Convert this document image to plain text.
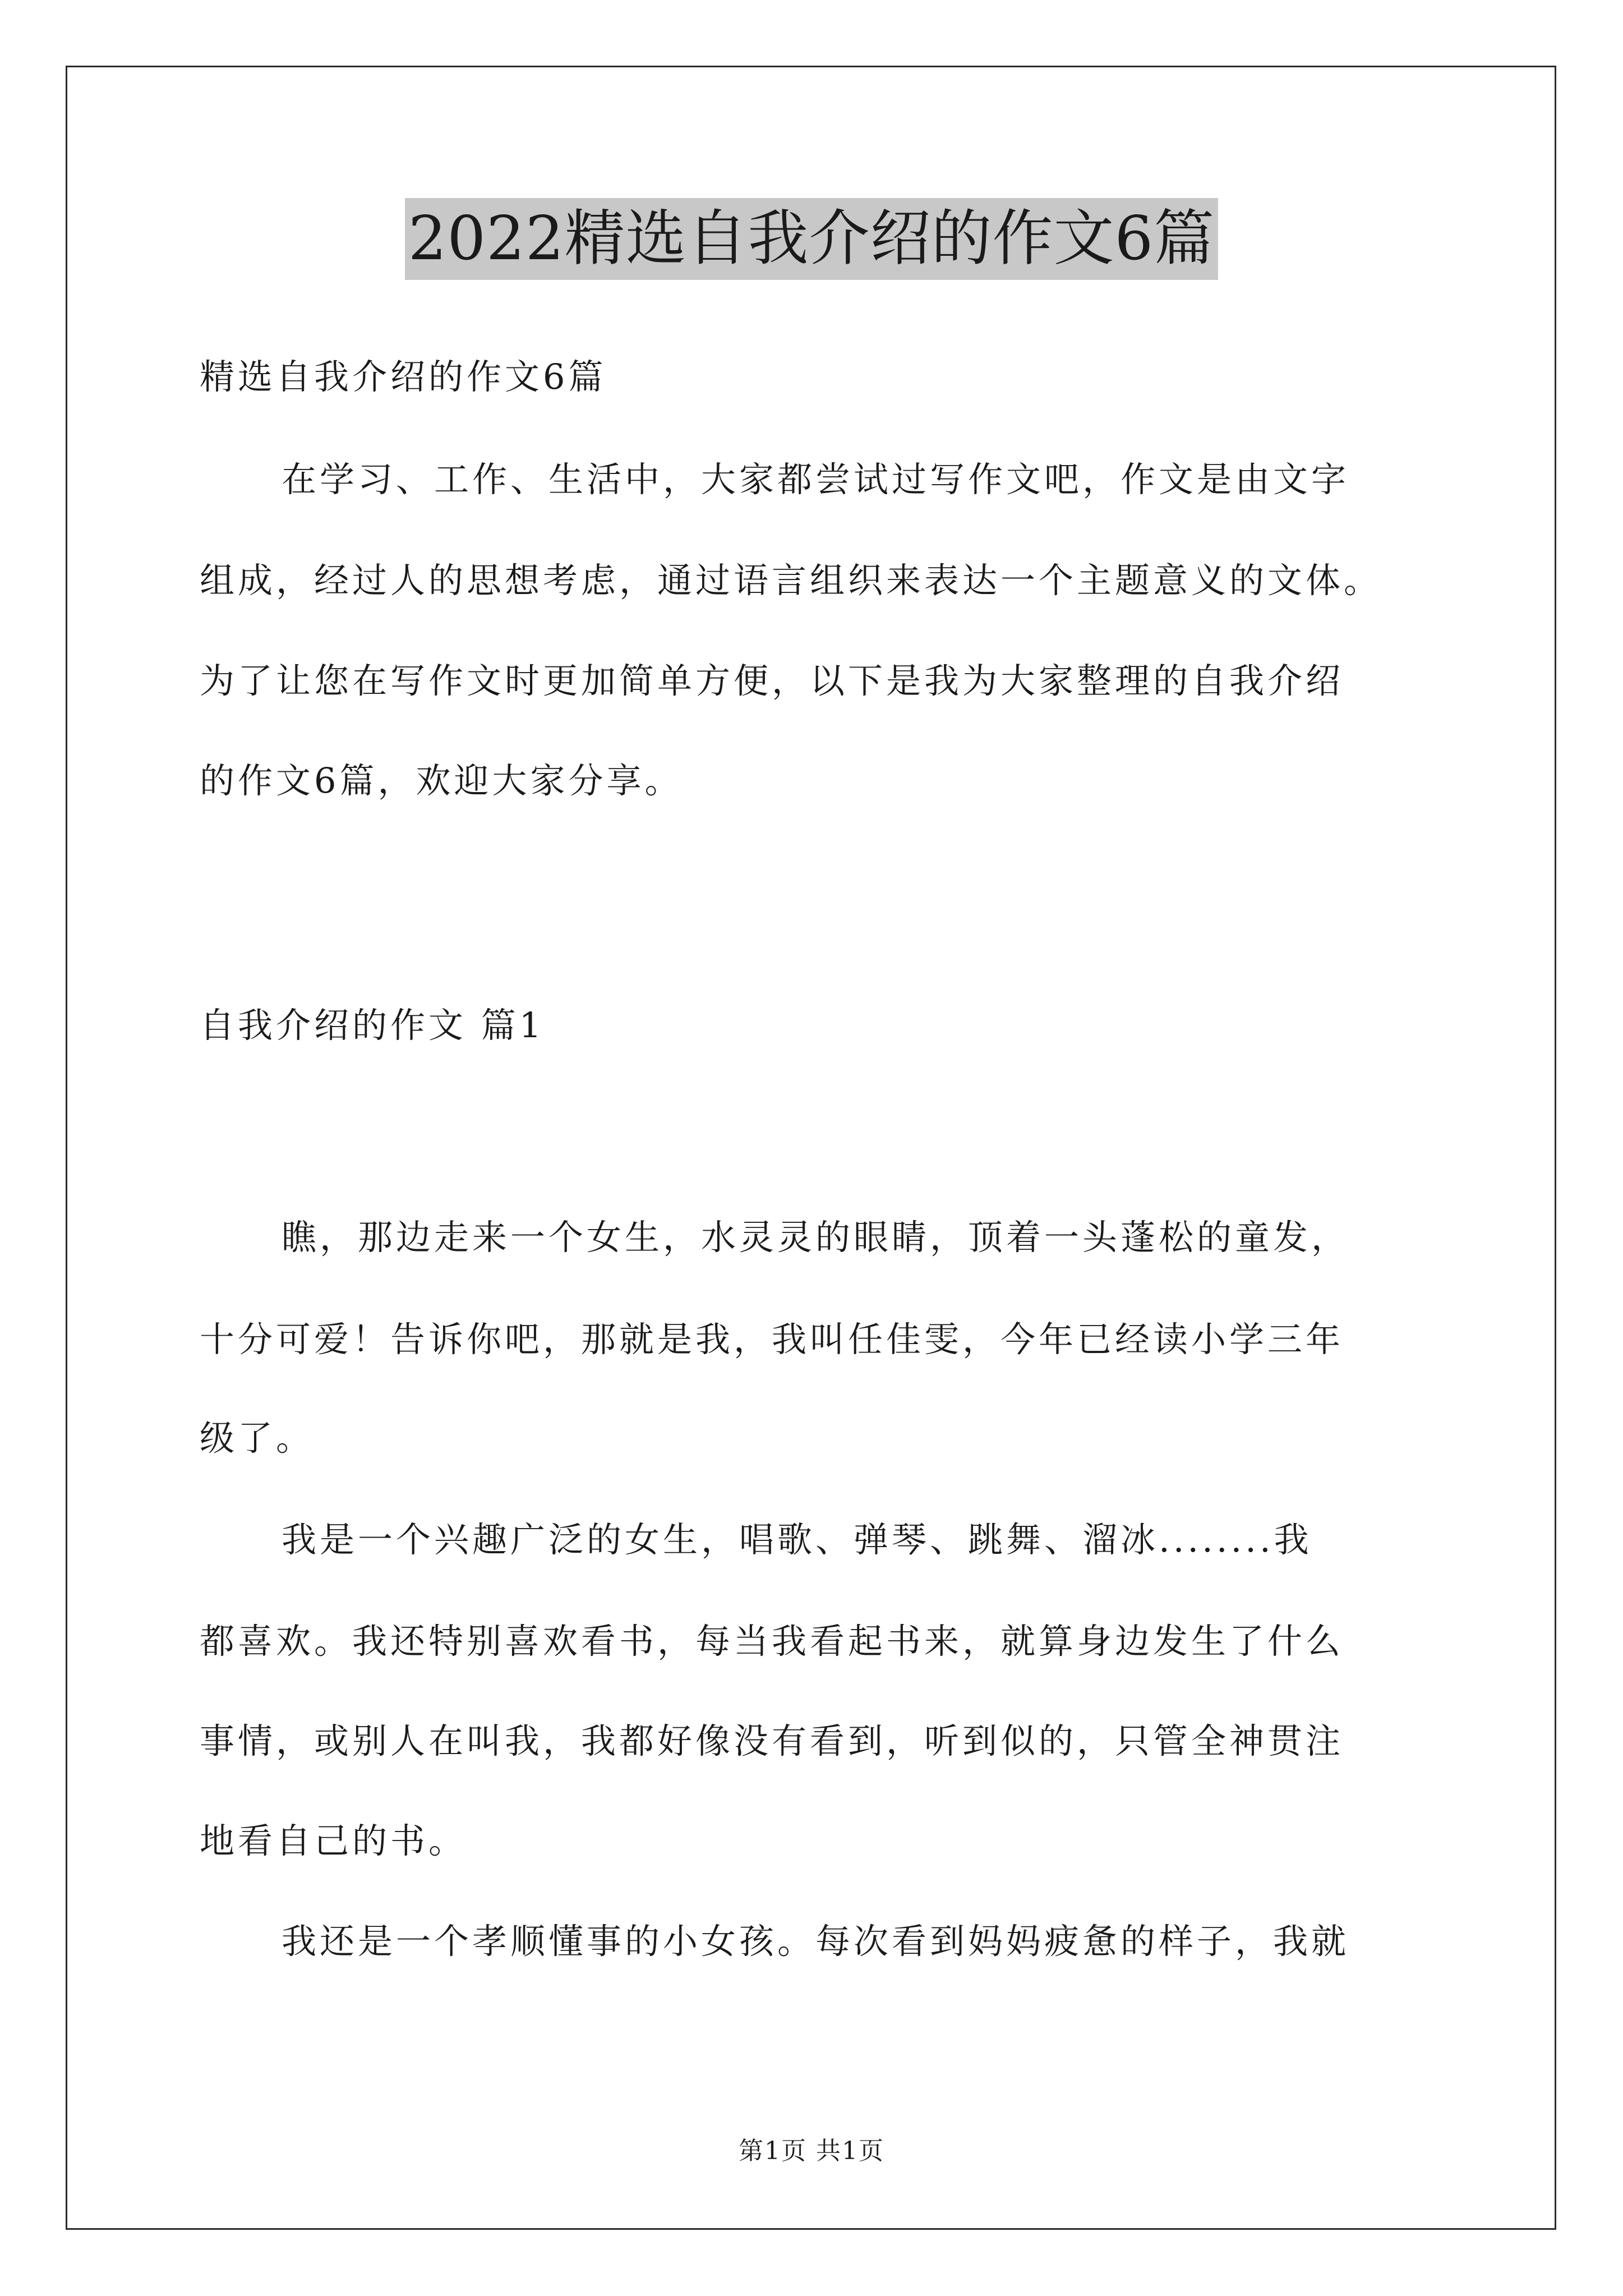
2022精选自我介绍的作文6篇
精选自我介绍的作文6篇
在学习、工作、生活中，大家都尝试过写作文吧，作文是由文字
组成，经过人的思想考虑，通过语言组织来表达一个主题意义的文体。
为了让您在写作文时更加简单方便，以下是我为大家整理的自我介绍
的作文6篇，欢迎大家分享。
自我介绍的作文 篇1
瞧，那边走来一个女生，水灵灵的眼睛，顶着一头蓬松的童发，
十分可爱！告诉你吧，那就是我，我叫任佳雯，今年已经读小学三年
级了。
我是一个兴趣广泛的女生，唱歌、弹琴、跳舞、溜冰........我
都喜欢。我还特别喜欢看书，每当我看起书来，就算身边发生了什么
事情，或别人在叫我，我都好像没有看到，听到似的，只管全神贯注
地看自己的书。
我还是一个孝顺懂事的小女孩。每次看到妈妈疲惫的样子，我就
第1页 共1页
